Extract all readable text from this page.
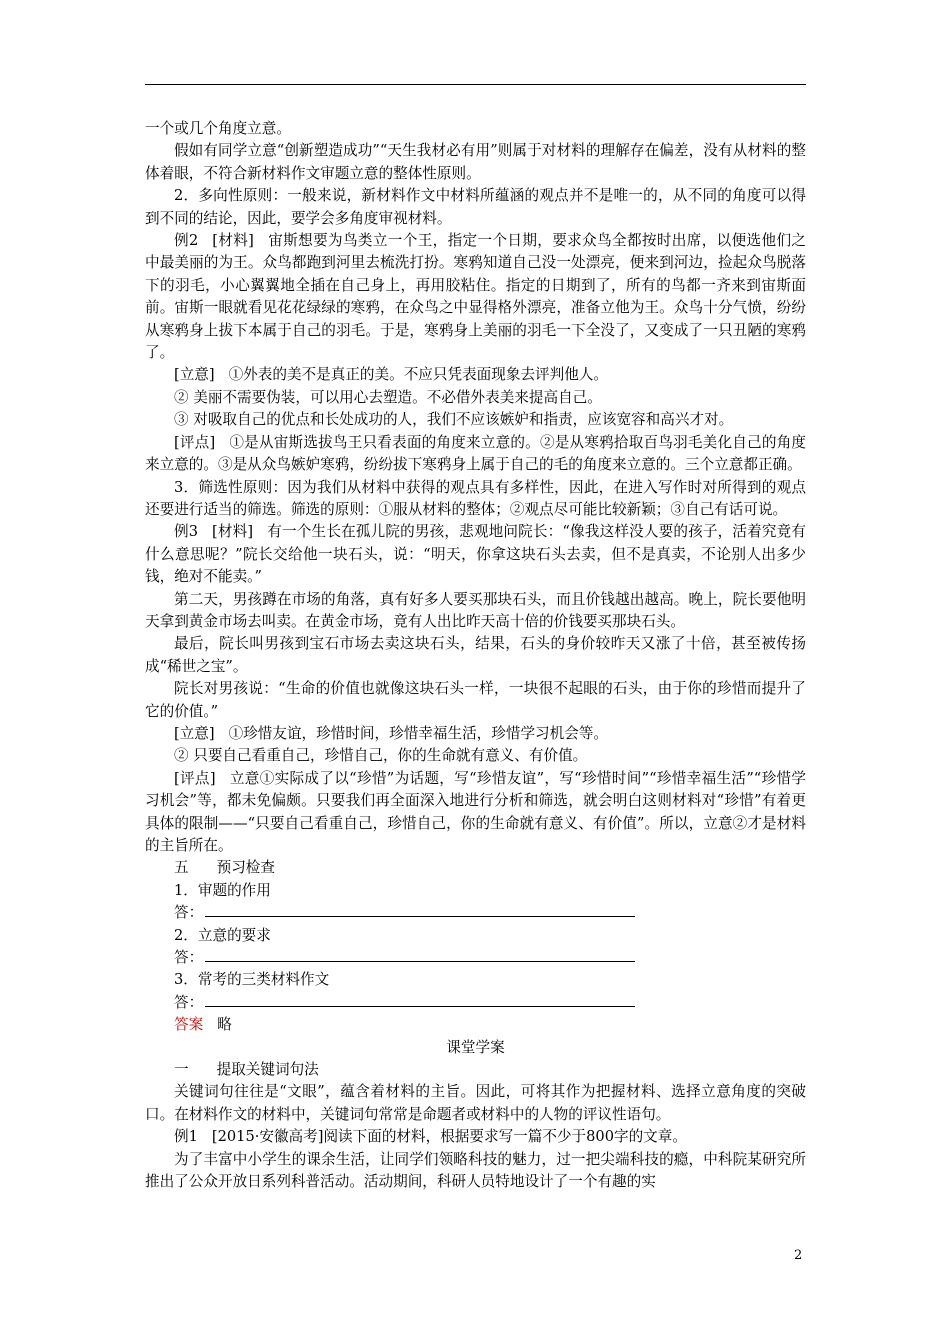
一个或几个角度立意。

假如有同学立意“创新塑造成功”“天生我材必有用”则属于对材料的理解存在偏差，没有从材料的整体着眼，不符合新材料作文审题立意的整体性原则。

2．多向性原则：一般来说，新材料作文中材料所蕴涵的观点并不是唯一的，从不同的角度可以得到不同的结论，因此，要学会多角度审视材料。

例2 [材料] 宙斯想要为鸟类立一个王，指定一个日期，要求众鸟全都按时出席，以便选他们之中最美丽的为王。众鸟都跑到河里去梳洗打扮。寒鸦知道自己没一处漂亮，便来到河边，捡起众鸟脱落下的羽毛，小心翼翼地全插在自己身上，再用胶粘住。指定的日期到了，所有的鸟都一齐来到宙斯面前。宙斯一眼就看见花花绿绿的寒鸦，在众鸟之中显得格外漂亮，准备立他为王。众鸟十分气愤，纷纷从寒鸦身上拔下本属于自己的羽毛。于是，寒鸦身上美丽的羽毛一下全没了，又变成了一只丑陋的寒鸦了。

[立意] ①外表的美不是真正的美。不应只凭表面现象去评判他人。

② 美丽不需要伪装，可以用心去塑造。不必借外表美来提高自己。

③ 对吸取自己的优点和长处成功的人，我们不应该嫉妒和指责，应该宽容和高兴才对。

[评点] ①是从宙斯选拔鸟王只看表面的角度来立意的。②是从寒鸦拾取百鸟羽毛美化自己的角度来立意的。③是从众鸟嫉妒寒鸦，纷纷拔下寒鸦身上属于自己的毛的角度来立意的。三个立意都正确。

3．筛选性原则：因为我们从材料中获得的观点具有多样性，因此，在进入写作时对所得到的观点还要进行适当的筛选。筛选的原则：①服从材料的整体；②观点尽可能比较新颖；③自己有话可说。

例3 [材料] 有一个生长在孤儿院的男孩，悲观地问院长：“像我这样没人要的孩子，活着究竟有什么意思呢？”院长交给他一块石头，说：“明天，你拿这块石头去卖，但不是真卖，不论别人出多少钱，绝对不能卖。”

第二天，男孩蹲在市场的角落，真有好多人要买那块石头，而且价钱越出越高。晚上，院长要他明天拿到黄金市场去叫卖。在黄金市场，竟有人出比昨天高十倍的价钱要买那块石头。

最后，院长叫男孩到宝石市场去卖这块石头，结果，石头的身价较昨天又涨了十倍，甚至被传扬成“稀世之宝”。

院长对男孩说：“生命的价值也就像这块石头一样，一块很不起眼的石头，由于你的珍惜而提升了它的价值。”

[立意] ①珍惜友谊，珍惜时间，珍惜幸福生活，珍惜学习机会等。

② 只要自己看重自己，珍惜自己，你的生命就有意义、有价值。

[评点] 立意①实际成了以“珍惜”为话题，写“珍惜友谊”，写“珍惜时间”“珍惜幸福生活”“珍惜学习机会”等，都未免偏颇。只要我们再全面深入地进行分析和筛选，就会明白这则材料对“珍惜”有着更具体的限制——“只要自己看重自己，珍惜自己，你的生命就有意义、有价值”。所以，立意②才是材料的主旨所在。

五 预习检查

1．审题的作用

答：

2．立意的要求

答：

3．常考的三类材料作文

答：

答案 略

课堂学案

一 提取关键词句法

关键词句往往是“文眼”，蕴含着材料的主旨。因此，可将其作为把握材料、选择立意角度的突破口。在材料作文的材料中，关键词句常常是命题者或材料中的人物的评议性语句。

例1 [2015·安徽高考]阅读下面的材料，根据要求写一篇不少于800字的文章。

为了丰富中小学生的课余生活，让同学们领略科技的魅力，过一把尖端科技的瘾，中科院某研究所推出了公众开放日系列科普活动。活动期间，科研人员特地设计了一个有趣的实

2
